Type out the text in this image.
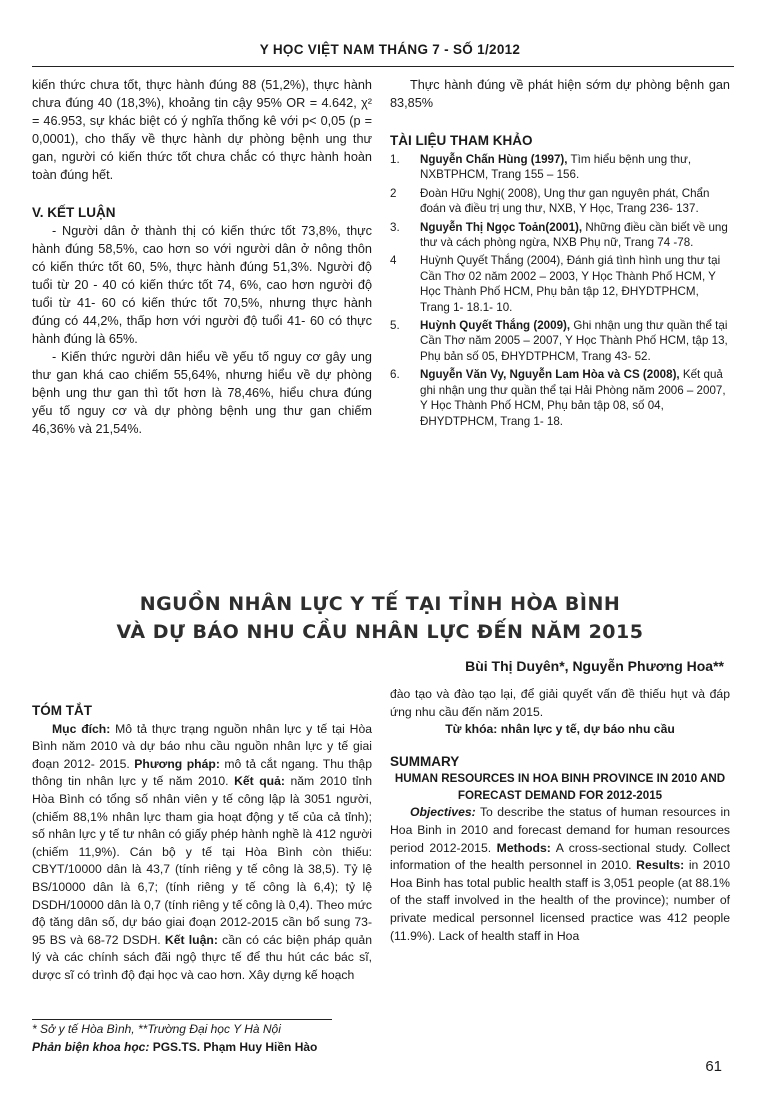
Y HỌC VIỆT NAM THÁNG 7 - SỐ 1/2012

kiến thức chưa tốt, thực hành đúng 88 (51,2%), thực hành chưa đúng 40 (18,3%), khoảng tin cậy 95% OR = 4.642, χ² = 46.953, sự khác biệt có ý nghĩa thống kê với p< 0,05 (p = 0,0001), cho thấy về thực hành dự phòng bệnh ung thư gan, người có kiến thức tốt chưa chắc có thực hành hoàn toàn đúng hết.

V. KẾT LUẬN

- Người dân ở thành thị có kiến thức tốt 73,8%, thực hành đúng 58,5%, cao hơn so với người dân ở nông thôn có kiến thức tốt 60, 5%, thực hành đúng 51,3%. Người độ tuổi từ 20 - 40 có kiến thức tốt 74, 6%, cao hơn người độ tuổi từ 41- 60 có kiến thức tốt 70,5%, nhưng thực hành đúng có 44,2%, thấp hơn với người độ tuổi 41- 60 có thực hành đúng là 65%.

- Kiến thức người dân hiểu về yếu tố nguy cơ gây ung thư gan khá cao chiếm 55,64%, nhưng hiểu về dự phòng bệnh ung thư gan thì tốt hơn là 78,46%, hiểu chưa đúng yếu tố nguy cơ và dự phòng bệnh ung thư gan chiếm 46,36% và 21,54%.

Thực hành đúng về phát hiện sớm dự phòng bệnh gan 83,85%

TÀI LIỆU THAM KHẢO

1.	Nguyễn Chấn Hùng (1997), Tìm hiểu bệnh ung thư, NXBTPHCM, Trang 155 – 156.
2	Đoàn Hữu Nghị( 2008), Ung thư gan nguyên phát, Chẩn đoán và điều trị ung thư, NXB, Y Học, Trang 236- 137.
3.	Nguyễn Thị Ngọc Toản(2001), Những điều cần biết về ung thư và cách phòng ngừa, NXB Phụ nữ, Trang 74 -78.
4	Huỳnh Quyết Thắng (2004), Đánh giá tình hình ung thư tại Cần Thơ 02 năm 2002 – 2003, Y Học Thành Phố HCM, Y Học Thành Phố HCM, Phụ bản tập 12, ĐHYDTPHCM, Trang 1- 18.1- 10.
5.	Huỳnh Quyết Thắng (2009), Ghi nhận ung thư quần thể tại Cần Thơ năm 2005 – 2007, Y Học Thành Phố HCM, tập 13, Phụ bản số 05, ĐHYDTPHCM, Trang 43- 52.
6.	Nguyễn Văn Vy, Nguyễn Lam Hòa và CS (2008), Kết quả ghi nhận ung thư quần thể tại Hải Phòng năm 2006 – 2007, Y Học Thành Phố HCM, Phụ bản tập 08, số 04, ĐHYDTPHCM, Trang 1- 18.
NGUỒN NHÂN LỰC Y TẾ TẠI TỈNH HÒA BÌNH
VÀ DỰ BÁO NHU CẦU NHÂN LỰC ĐẾN NĂM 2015
Bùi Thị Duyên*, Nguyễn Phương Hoa**

TÓM TẮT

Mục đích: Mô tả thực trạng nguồn nhân lực y tế tại Hòa Bình năm 2010 và dự báo nhu cầu nguồn nhân lực y tế giai đoạn 2012- 2015. Phương pháp: mô tả cắt ngang. Thu thập thông tin nhân lực y tế năm 2010. Kết quả: năm 2010 tỉnh Hòa Bình có tổng số nhân viên y tế công lập là 3051 người, (chiếm 88,1% nhân lực tham gia hoạt động y tế của cả tỉnh); số nhân lực y tế tư nhân có giấy phép hành nghề là 412 người (chiếm 11,9%). Cán bộ y tế tại Hòa Bình còn thiếu: CBYT/10000 dân là 43,7 (tính riêng y tế công là 38,5). Tỷ lệ BS/10000 dân là 6,7; (tính riêng y tế công là 6,4); tỷ lệ DSDH/10000 dân là 0,7 (tính riêng y tế công là 0,4). Theo mức độ tăng dân số, dự báo giai đoạn 2012-2015 cần bổ sung 73-95 BS và 68-72 DSDH. Kết luận: cần có các biện pháp quản lý và các chính sách đãi ngộ thực tế để thu hút các bác sĩ, dược sĩ có trình độ đại học và cao hơn. Xây dựng kế hoạch

đào tạo và đào tạo lại, để giải quyết vấn đề thiếu hụt và đáp ứng nhu cầu đến năm 2015.

Từ khóa: nhân lực y tế, dự báo nhu cầu

SUMMARY

HUMAN RESOURCES IN HOA BINH PROVINCE IN 2010 AND FORECAST DEMAND FOR 2012-2015

Objectives: To describe the status of human resources in Hoa Binh in 2010 and forecast demand for human resources period 2012-2015. Methods: A cross-sectional study. Collect information of the health personnel in 2010. Results: in 2010 Hoa Binh has total public health staff is 3,051 people (at 88.1% of the staff involved in the health of the province); number of private medical personnel licensed practice was 412 people (11.9%). Lack of health staff in Hoa

* Sở y tế Hòa Bình, **Trường Đại học Y Hà Nội
Phản biện khoa học: PGS.TS. Phạm Huy Hiền Hào
61
